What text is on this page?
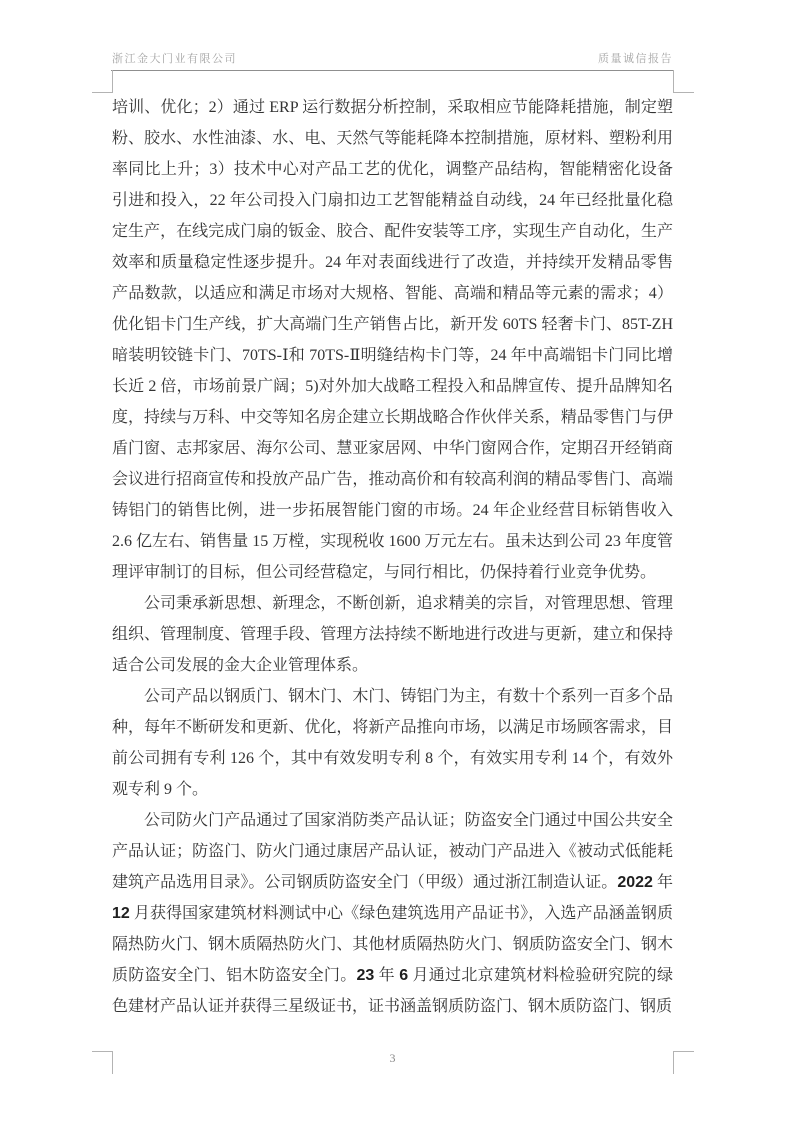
浙江金大门业有限公司	质量诚信报告

培训、优化；2）通过 ERP 运行数据分析控制，采取相应节能降耗措施，制定塑粉、胶水、水性油漆、水、电、天然气等能耗降本控制措施，原材料、塑粉利用率同比上升；3）技术中心对产品工艺的优化，调整产品结构，智能精密化设备引进和投入，22 年公司投入门扇扣边工艺智能精益自动线，24 年已经批量化稳定生产，在线完成门扇的钣金、胶合、配件安装等工序，实现生产自动化，生产效率和质量稳定性逐步提升。24 年对表面线进行了改造，并持续开发精品零售产品数款，以适应和满足市场对大规格、智能、高端和精品等元素的需求；4）优化铝卡门生产线，扩大高端门生产销售占比，新开发 60TS 轻奢卡门、85T-ZH 暗装明铰链卡门、70TS-Ⅰ和 70TS-Ⅱ明缝结构卡门等，24 年中高端铝卡门同比增长近 2 倍，市场前景广阔；5)对外加大战略工程投入和品牌宣传、提升品牌知名度，持续与万科、中交等知名房企建立长期战略合作伙伴关系，精品零售门与伊盾门窗、志邦家居、海尔公司、慧亚家居网、中华门窗网合作，定期召开经销商会议进行招商宣传和投放产品广告，推动高价和有较高利润的精品零售门、高端铸铝门的销售比例，进一步拓展智能门窗的市场。24 年企业经营目标销售收入 2.6 亿左右、销售量 15 万樘，实现税收 1600 万元左右。虽未达到公司 23 年度管理评审制订的目标，但公司经营稳定，与同行相比，仍保持着行业竞争优势。

公司秉承新思想、新理念，不断创新，追求精美的宗旨，对管理思想、管理组织、管理制度、管理手段、管理方法持续不断地进行改进与更新，建立和保持适合公司发展的金大企业管理体系。

公司产品以钢质门、钢木门、木门、铸铝门为主，有数十个系列一百多个品种，每年不断研发和更新、优化，将新产品推向市场，以满足市场顾客需求，目前公司拥有专利 126 个，其中有效发明专利 8 个，有效实用专利 14 个，有效外观专利 9 个。

公司防火门产品通过了国家消防类产品认证；防盗安全门通过中国公共安全产品认证；防盗门、防火门通过康居产品认证，被动门产品进入《被动式低能耗建筑产品选用目录》。公司钢质防盗安全门（甲级）通过浙江制造认证。2022 年 12 月获得国家建筑材料测试中心《绿色建筑选用产品证书》，入选产品涵盖钢质隔热防火门、钢木质隔热防火门、其他材质隔热防火门、钢质防盗安全门、钢木质防盗安全门、铝木防盗安全门。23 年 6 月通过北京建筑材料检验研究院的绿色建材产品认证并获得三星级证书，证书涵盖钢质防盗门、钢木质防盗门、钢质

3
